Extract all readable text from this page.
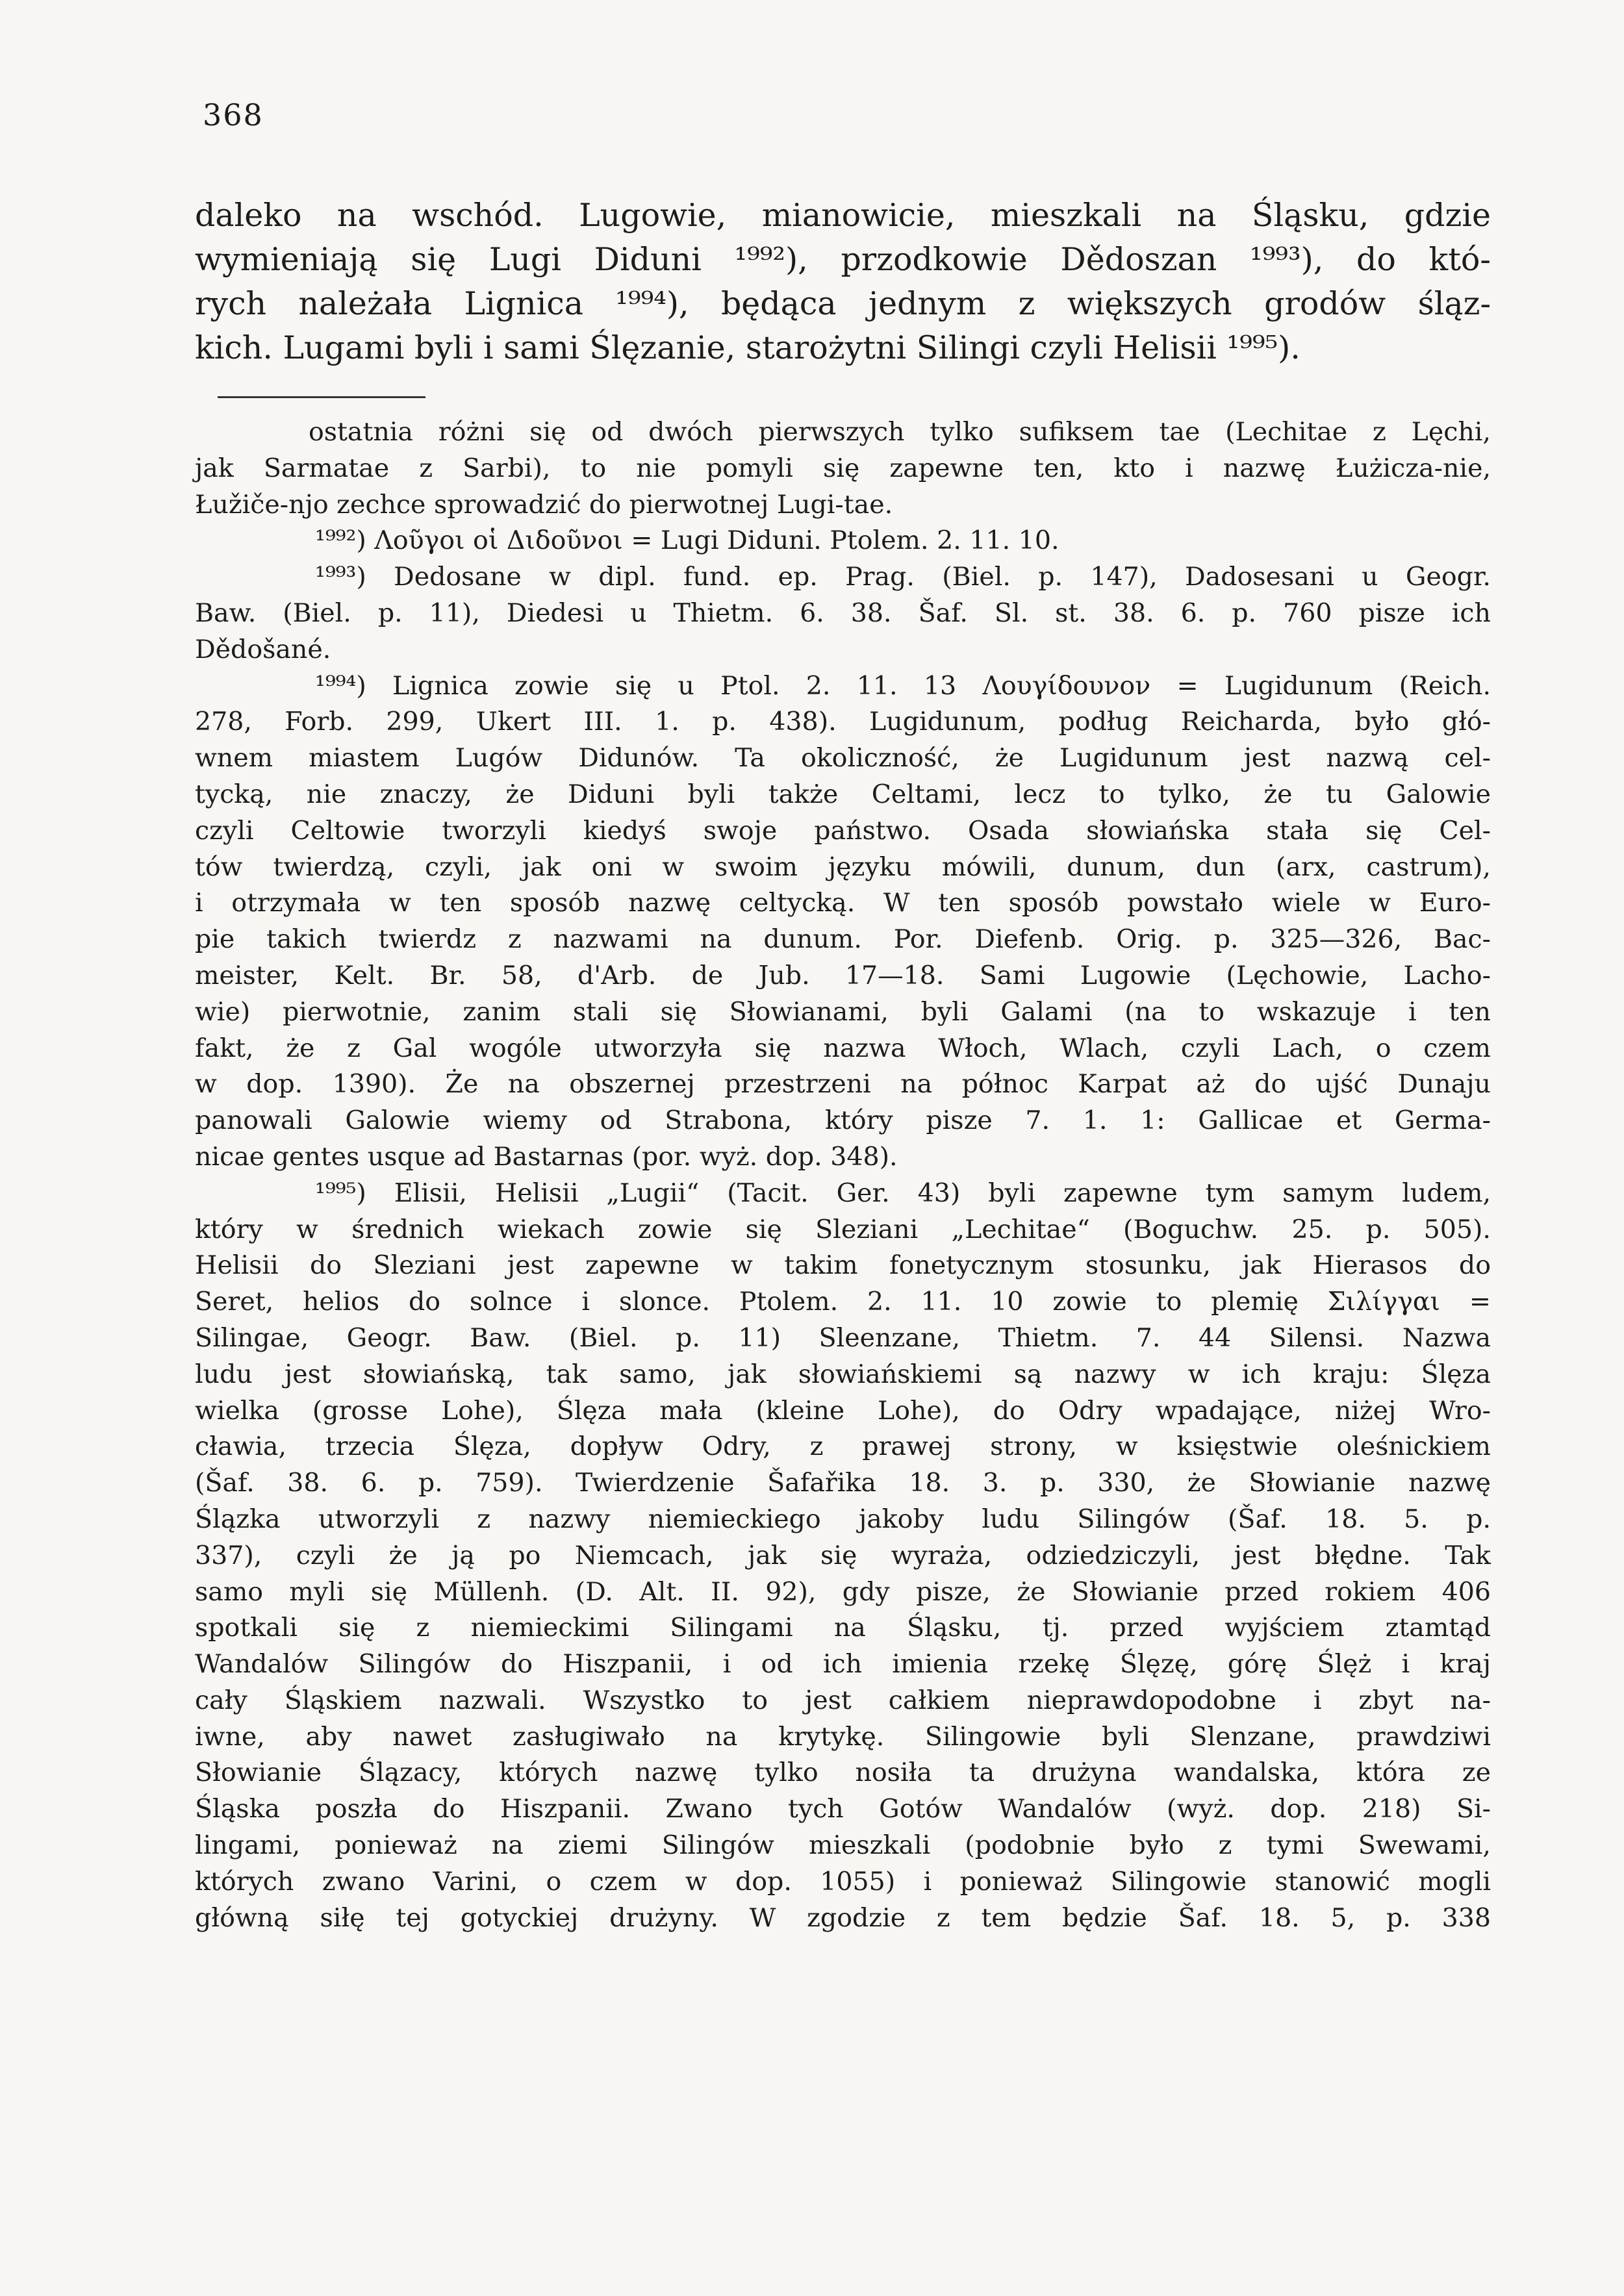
368
daleko na wschód. Lugowie, mianowicie, mieszkali na Śląsku, gdzie
wymieniają się Lugi Diduni ¹⁹⁹²), przodkowie Dědoszan ¹⁹⁹³), do któ-
rych należała Lignica ¹⁹⁹⁴), będąca jednym z większych grodów śląz-
kich. Lugami byli i sami Ślęzanie, starożytni Silingi czyli Helisii ¹⁹⁹⁵).
ostatnia różni się od dwóch pierwszych tylko sufiksem tae (Lechitae z Lęchi,
jak Sarmatae z Sarbi), to nie pomyli się zapewne ten, kto i nazwę Łużicza-nie,
Łužiče-njo zechce sprowadzić do pierwotnej Lugi-tae.
¹⁹⁹²) Λοῦγοι οἱ Διδοῦνοι = Lugi Diduni. Ptolem. 2. 11. 10.
¹⁹⁹³) Dedosane w dipl. fund. ep. Prag. (Biel. p. 147), Dadosesani u Geogr.
Baw. (Biel. p. 11), Diedesi u Thietm. 6. 38. Šaf. Sl. st. 38. 6. p. 760 pisze ich
Dědošané.
¹⁹⁹⁴) Lignica zowie się u Ptol. 2. 11. 13 Λουγίδουνον = Lugidunum (Reich.
278, Forb. 299, Ukert III. 1. p. 438). Lugidunum, podług Reicharda, było głó-
wnem miastem Lugów Didunów. Ta okoliczność, że Lugidunum jest nazwą cel-
tycką, nie znaczy, że Diduni byli także Celtami, lecz to tylko, że tu Galowie
czyli Celtowie tworzyli kiedyś swoje państwo. Osada słowiańska stała się Cel-
tów twierdzą, czyli, jak oni w swoim języku mówili, dunum, dun (arx, castrum),
i otrzymała w ten sposób nazwę celtycką. W ten sposób powstało wiele w Euro-
pie takich twierdz z nazwami na dunum. Por. Diefenb. Orig. p. 325—326, Bac-
meister, Kelt. Br. 58, d'Arb. de Jub. 17—18. Sami Lugowie (Lęchowie, Lacho-
wie) pierwotnie, zanim stali się Słowianami, byli Galami (na to wskazuje i ten
fakt, że z Gal wogóle utworzyła się nazwa Włoch, Wlach, czyli Lach, o czem
w dop. 1390). Że na obszernej przestrzeni na północ Karpat aż do ujść Dunaju
panowali Galowie wiemy od Strabona, który pisze 7. 1. 1: Gallicae et Germa-
nicae gentes usque ad Bastarnas (por. wyż. dop. 348).
¹⁹⁹⁵) Elisii, Helisii „Lugii“ (Tacit. Ger. 43) byli zapewne tym samym ludem,
który w średnich wiekach zowie się Sleziani „Lechitae“ (Boguchw. 25. p. 505).
Helisii do Sleziani jest zapewne w takim fonetycznym stosunku, jak Hierasos do
Seret, helios do solnce i slonce. Ptolem. 2. 11. 10 zowie to plemię Σιλίγγαι =
Silingae, Geogr. Baw. (Biel. p. 11) Sleenzane, Thietm. 7. 44 Silensi. Nazwa
ludu jest słowiańską, tak samo, jak słowiańskiemi są nazwy w ich kraju: Ślęza
wielka (grosse Lohe), Ślęza mała (kleine Lohe), do Odry wpadające, niżej Wro-
cławia, trzecia Ślęza, dopływ Odry, z prawej strony, w księstwie oleśnickiem
(Šaf. 38. 6. p. 759). Twierdzenie Šafařika 18. 3. p. 330, że Słowianie nazwę
Ślązka utworzyli z nazwy niemieckiego jakoby ludu Silingów (Šaf. 18. 5. p.
337), czyli że ją po Niemcach, jak się wyraża, odziedziczyli, jest błędne. Tak
samo myli się Müllenh. (D. Alt. II. 92), gdy pisze, że Słowianie przed rokiem 406
spotkali się z niemieckimi Silingami na Śląsku, tj. przed wyjściem ztamtąd
Wandalów Silingów do Hiszpanii, i od ich imienia rzekę Ślęzę, górę Ślęż i kraj
cały Śląskiem nazwali. Wszystko to jest całkiem nieprawdopodobne i zbyt na-
iwne, aby nawet zasługiwało na krytykę. Silingowie byli Slenzane, prawdziwi
Słowianie Ślązacy, których nazwę tylko nosiła ta drużyna wandalska, która ze
Śląska poszła do Hiszpanii. Zwano tych Gotów Wandalów (wyż. dop. 218) Si-
lingami, ponieważ na ziemi Silingów mieszkali (podobnie było z tymi Swewami,
których zwano Varini, o czem w dop. 1055) i ponieważ Silingowie stanowić mogli
główną siłę tej gotyckiej drużyny. W zgodzie z tem będzie Šaf. 18. 5, p. 338
